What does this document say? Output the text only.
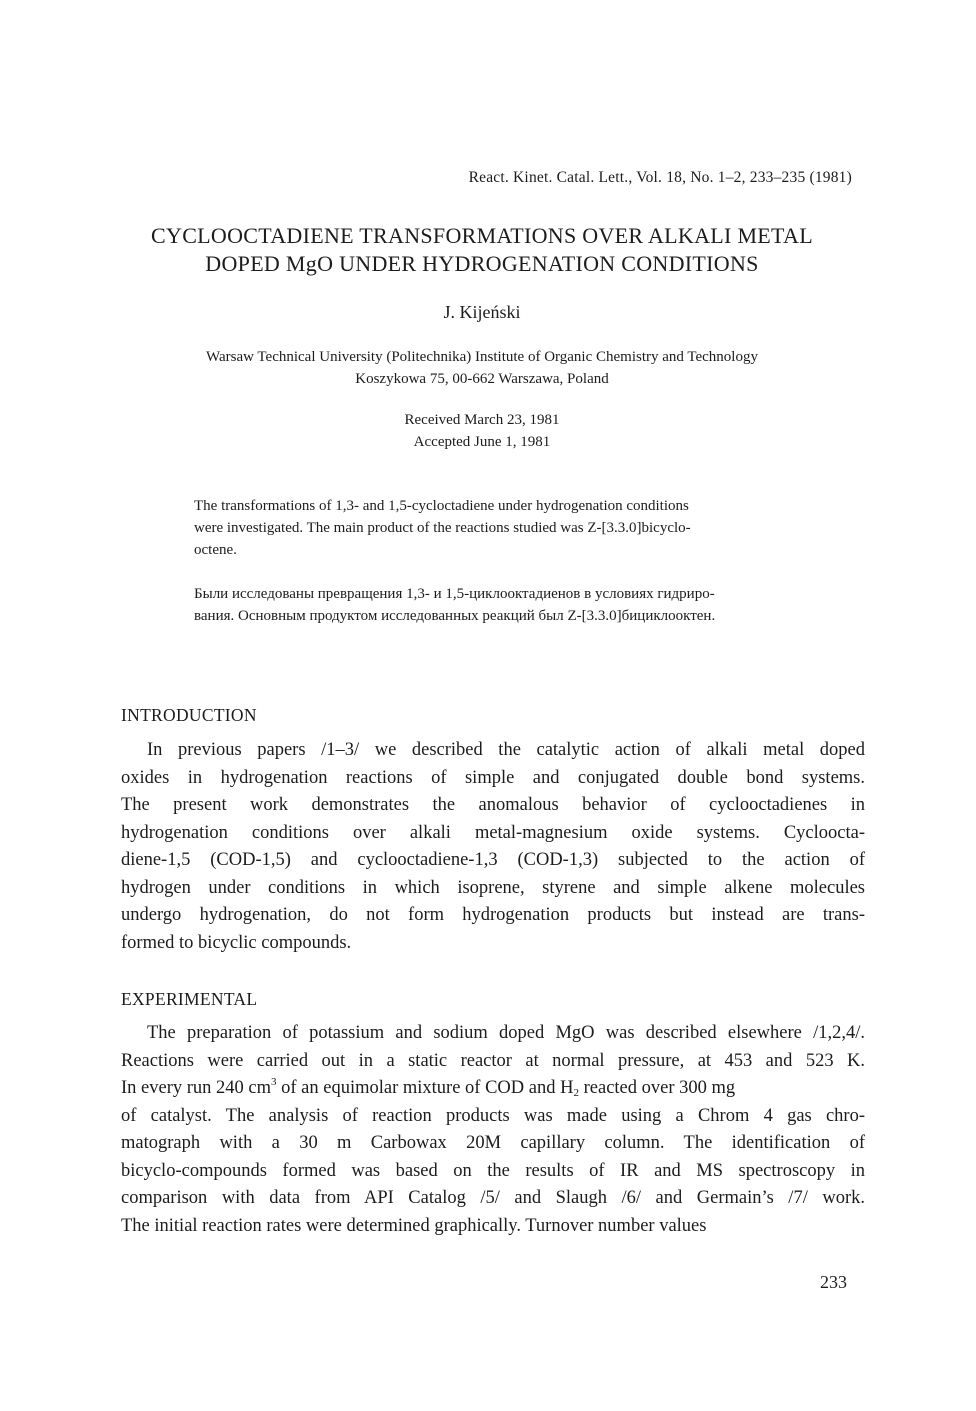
React. Kinet. Catal. Lett., Vol. 18, No. 1–2, 233–235 (1981)
CYCLOOCTADIENE TRANSFORMATIONS OVER ALKALI METAL
DOPED MgO UNDER HYDROGENATION CONDITIONS
J. Kijeński
Warsaw Technical University (Politechnika) Institute of Organic Chemistry and Technology
Koszykowa 75, 00-662 Warszawa, Poland
Received March 23, 1981
Accepted June 1, 1981
The transformations of 1,3- and 1,5-cycloctadiene under hydrogenation conditions
were investigated. The main product of the reactions studied was Z-[3.3.0]bicyclo-
octene.
Были исследованы превращения 1,3- и 1,5-циклооктадиенов в условиях гидриро-
вания. Основным продуктом исследованных реакций был Z-[3.3.0]бициклооктен.
INTRODUCTION
In previous papers /1–3/ we described the catalytic action of alkali metal doped
oxides in hydrogenation reactions of simple and conjugated double bond systems.
The present work demonstrates the anomalous behavior of cyclooctadienes in
hydrogenation conditions over alkali metal-magnesium oxide systems. Cycloocta-
diene-1,5 (COD-1,5) and cyclooctadiene-1,3 (COD-1,3) subjected to the action of
hydrogen under conditions in which isoprene, styrene and simple alkene molecules
undergo hydrogenation, do not form hydrogenation products but instead are trans-
formed to bicyclic compounds.
EXPERIMENTAL
The preparation of potassium and sodium doped MgO was described elsewhere /1,2,4/.
Reactions were carried out in a static reactor at normal pressure, at 453 and 523 K.
In every run 240 $cm^3$ of an equimolar mixture of COD and $H_2$ reacted over 300 mg
of catalyst. The analysis of reaction products was made using a Chrom 4 gas chro-
matograph with a 30 m Carbowax 20M capillary column. The identification of
bicyclo-compounds formed was based on the results of IR and MS spectroscopy in
comparison with data from API Catalog /5/ and Slaugh /6/ and Germain’s /7/ work.
The initial reaction rates were determined graphically. Turnover number values
233
